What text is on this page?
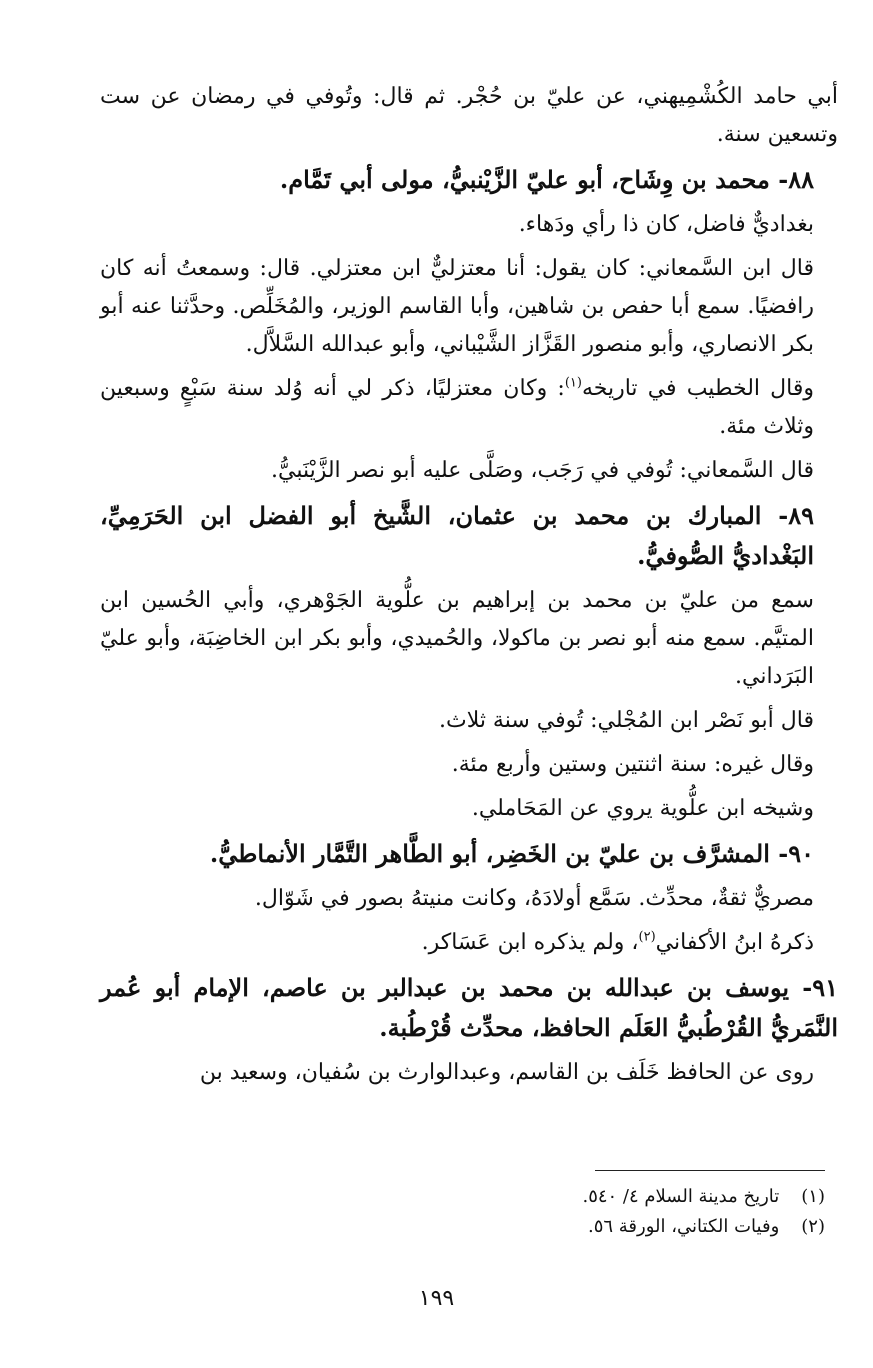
أبي حامد الكُشْمِيهني، عن عليّ بن حُجْر. ثم قال: وتُوفي في رمضان عن ست وتسعين سنة.

٨٨- محمد بن وِشَاح، أبو عليّ الزَّيْنبيُّ، مولى أبي تَمَّام.

بغداديٌّ فاضل، كان ذا رأي ودَهاء.

قال ابن السَّمعاني: كان يقول: أنا معتزليٌّ ابن معتزلي. قال: وسمعتُ أنه كان رافضيًا. سمع أبا حفص بن شاهين، وأبا القاسم الوزير، والمُخَلِّص. وحدَّثنا عنه أبو بكر الانصاري، وأبو منصور القَزَّاز الشَّيْباني، وأبو عبدالله السَّلاَّل.

وقال الخطيب في تاريخه$^{(١)}$: وكان معتزليًا، ذكر لي أنه وُلد سنة سَبْعٍ وسبعين وثلاث مئة.

قال السَّمعاني: تُوفي في رَجَب، وصَلَّى عليه أبو نصر الزَّيْنَبيُّ.

٨٩- المبارك بن محمد بن عثمان، الشَّيخ أبو الفضل ابن الحَرَمِيِّ، البَغْداديُّ الصُّوفيُّ.

سمع من عليّ بن محمد بن إبراهيم بن علُّوية الجَوْهري، وأبي الحُسين ابن المتيَّم. سمع منه أبو نصر بن ماكولا، والحُميدي، وأبو بكر ابن الخاضِبَة، وأبو عليّ البَرَداني.

قال أبو نَصْر ابن المُجْلي: تُوفي سنة ثلاث.

وقال غيره: سنة اثنتين وستين وأربع مئة.

وشيخه ابن علُّوية يروي عن المَحَاملي.

٩٠- المشرَّف بن عليّ بن الخَضِر، أبو الطَّاهر التَّمَّار الأنماطيُّ.

مصريٌّ ثقةٌ، محدِّث. سَمَّع أولادَهُ، وكانت منيتهُ بصور في شَوّال.

ذكرهُ ابنُ الأكفاني$^{(٢)}$، ولم يذكره ابن عَسَاكر.

٩١- يوسف بن عبدالله بن محمد بن عبدالبر بن عاصم، الإمام أبو عُمر النَّمَريُّ القُرْطُبيُّ العَلَم الحافظ، محدِّث قُرْطُبة.

روى عن الحافظ خَلَف بن القاسم، وعبدالوارث بن سُفيان، وسعيد بن

(١) تاريخ مدينة السلام ٤/ ٥٤٠.

(٢) وفيات الكتاني، الورقة ٥٦.

١٩٩
